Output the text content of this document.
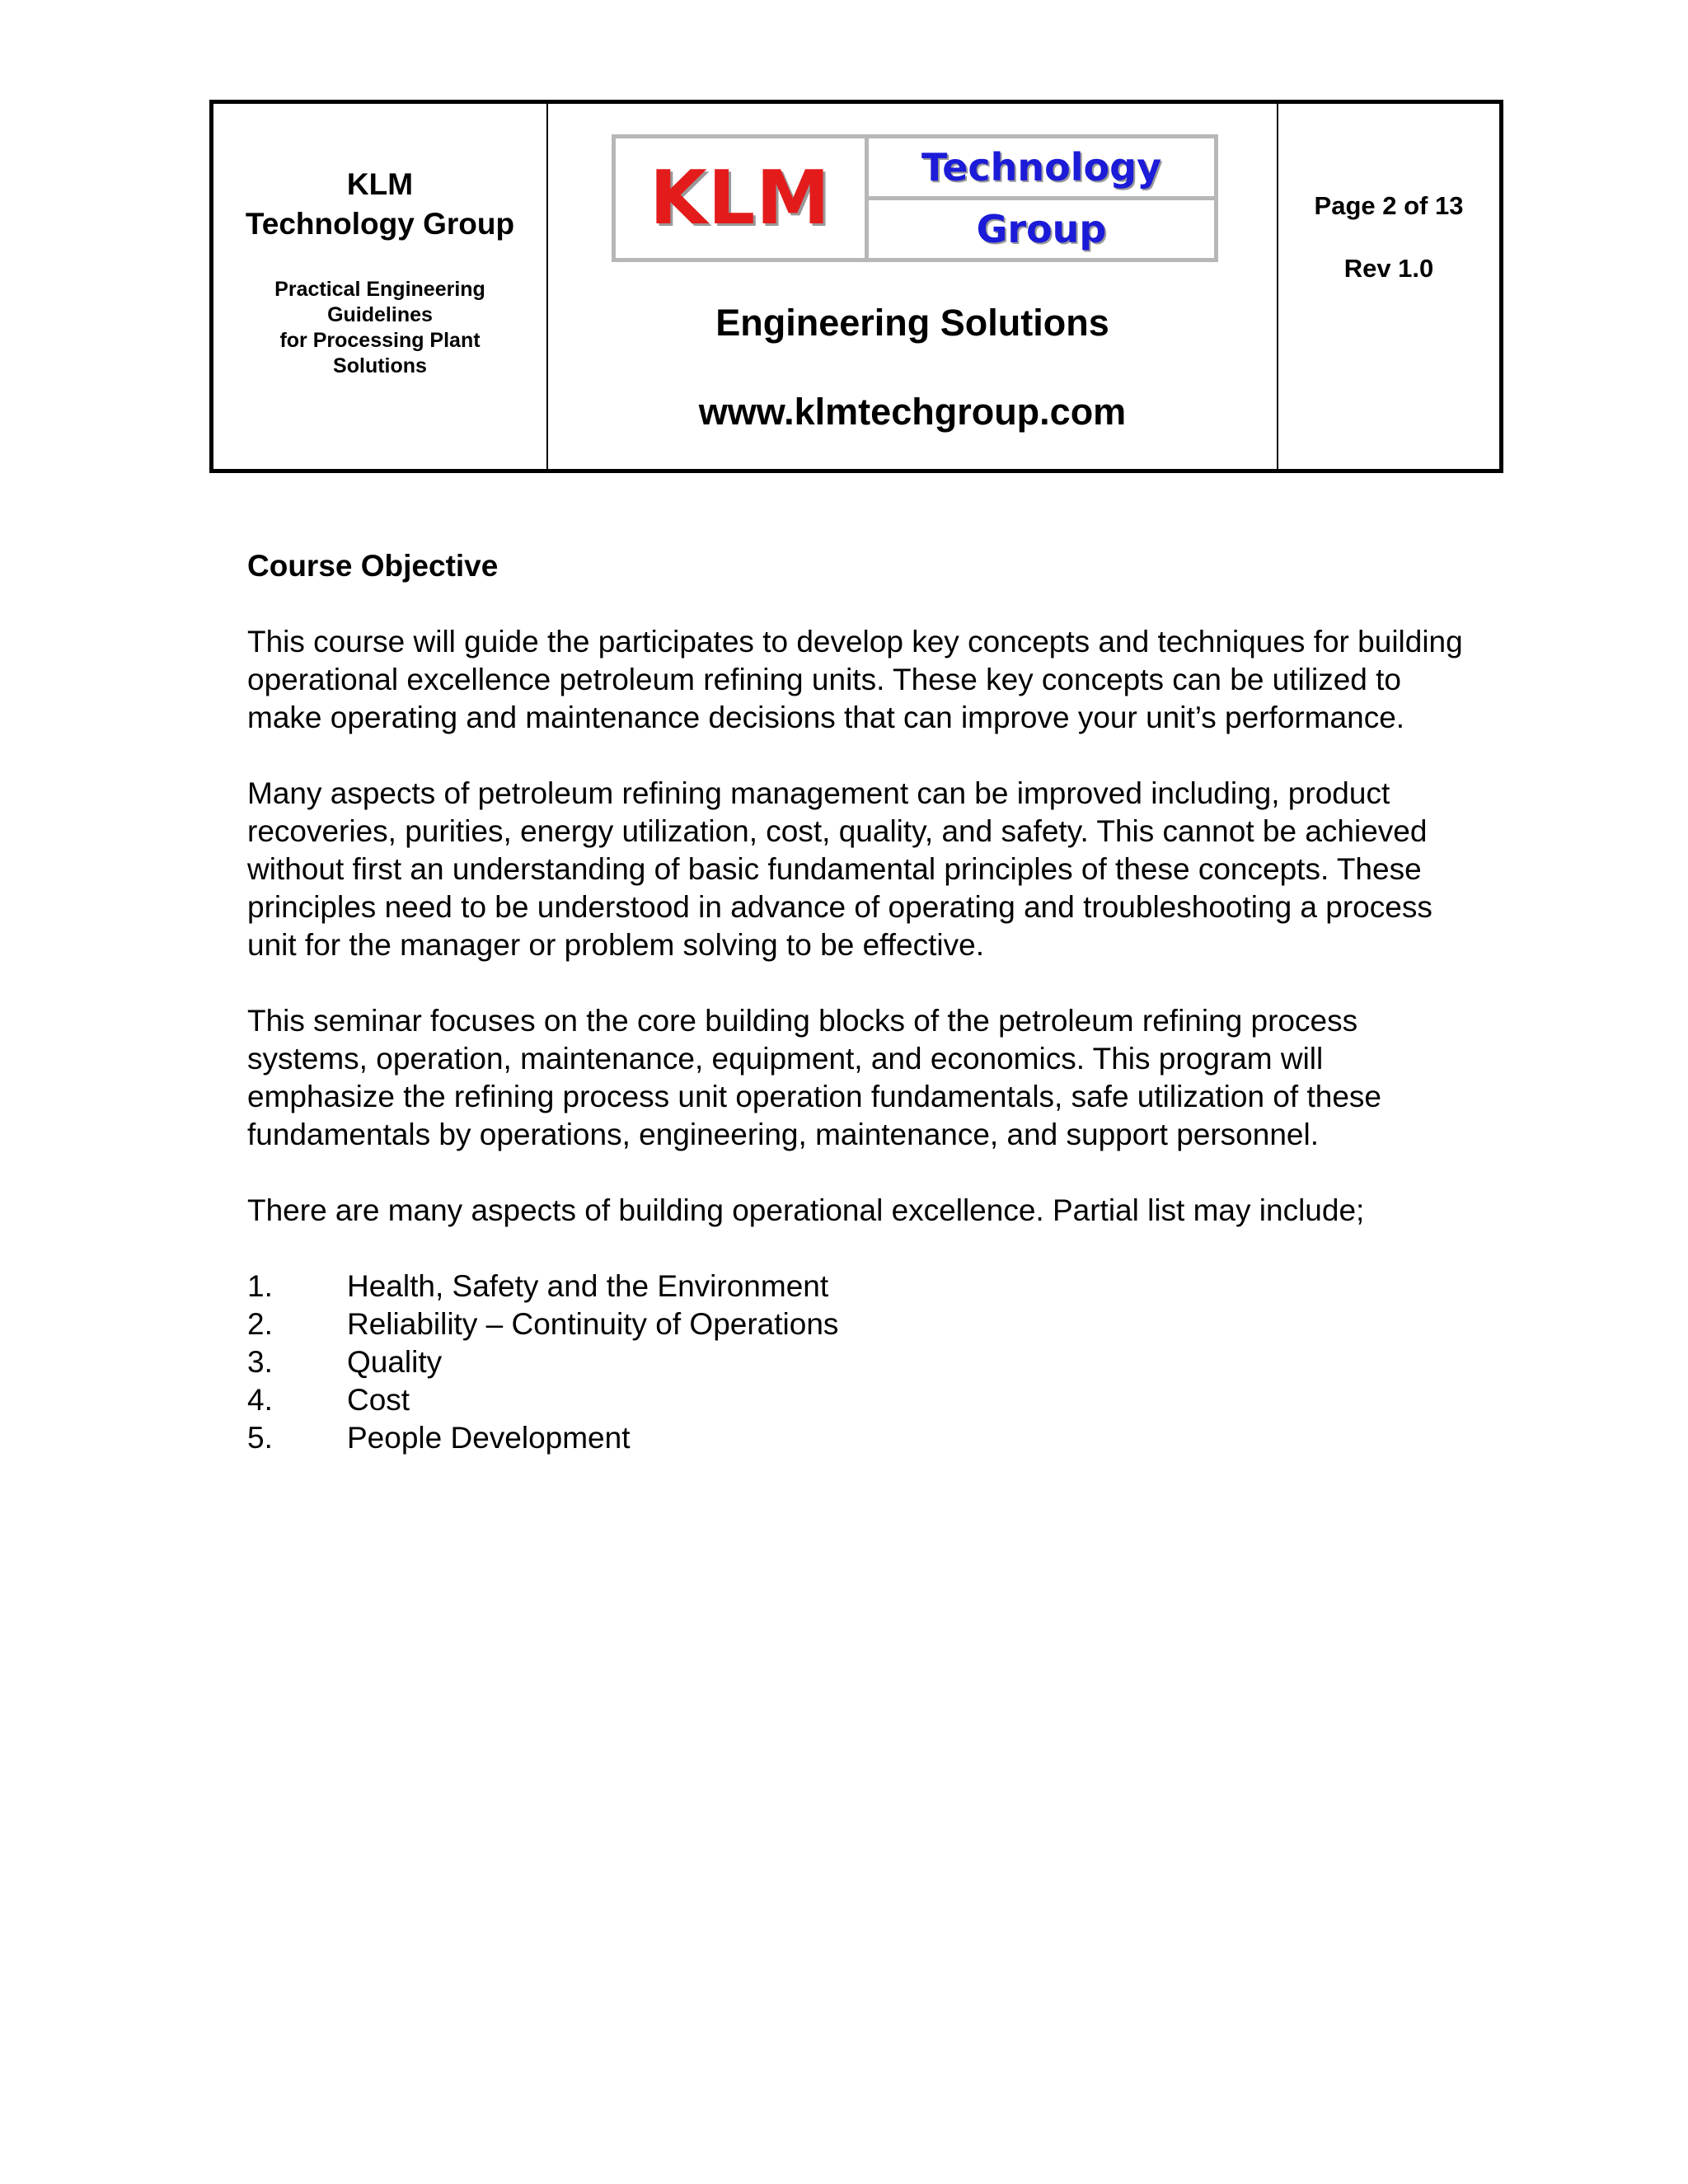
KLM
Technology Group
Practical Engineering
Guidelines
for Processing Plant
Solutions
KLM	Technology
Group
Engineering Solutions
www.klmtechgroup.com
Page 2 of 13
Rev 1.0
Course Objective

This course will guide the participates to develop key concepts and techniques for building operational excellence petroleum refining units. These key concepts can be utilized to make operating and maintenance decisions that can improve your unit’s performance.

Many aspects of petroleum refining management can be improved including, product recoveries, purities, energy utilization, cost, quality, and safety. This cannot be achieved without first an understanding of basic fundamental principles of these concepts. These principles need to be understood in advance of operating and troubleshooting a process unit for the manager or problem solving to be effective.

This seminar focuses on the core building blocks of the petroleum refining process systems, operation, maintenance, equipment, and economics. This program will emphasize the refining process unit operation fundamentals, safe utilization of these fundamentals by operations, engineering, maintenance, and support personnel.

There are many aspects of building operational excellence. Partial list may include;

1.	Health, Safety and the Environment
2.	Reliability – Continuity of Operations
3.	Quality
4.	Cost
5.	People Development
